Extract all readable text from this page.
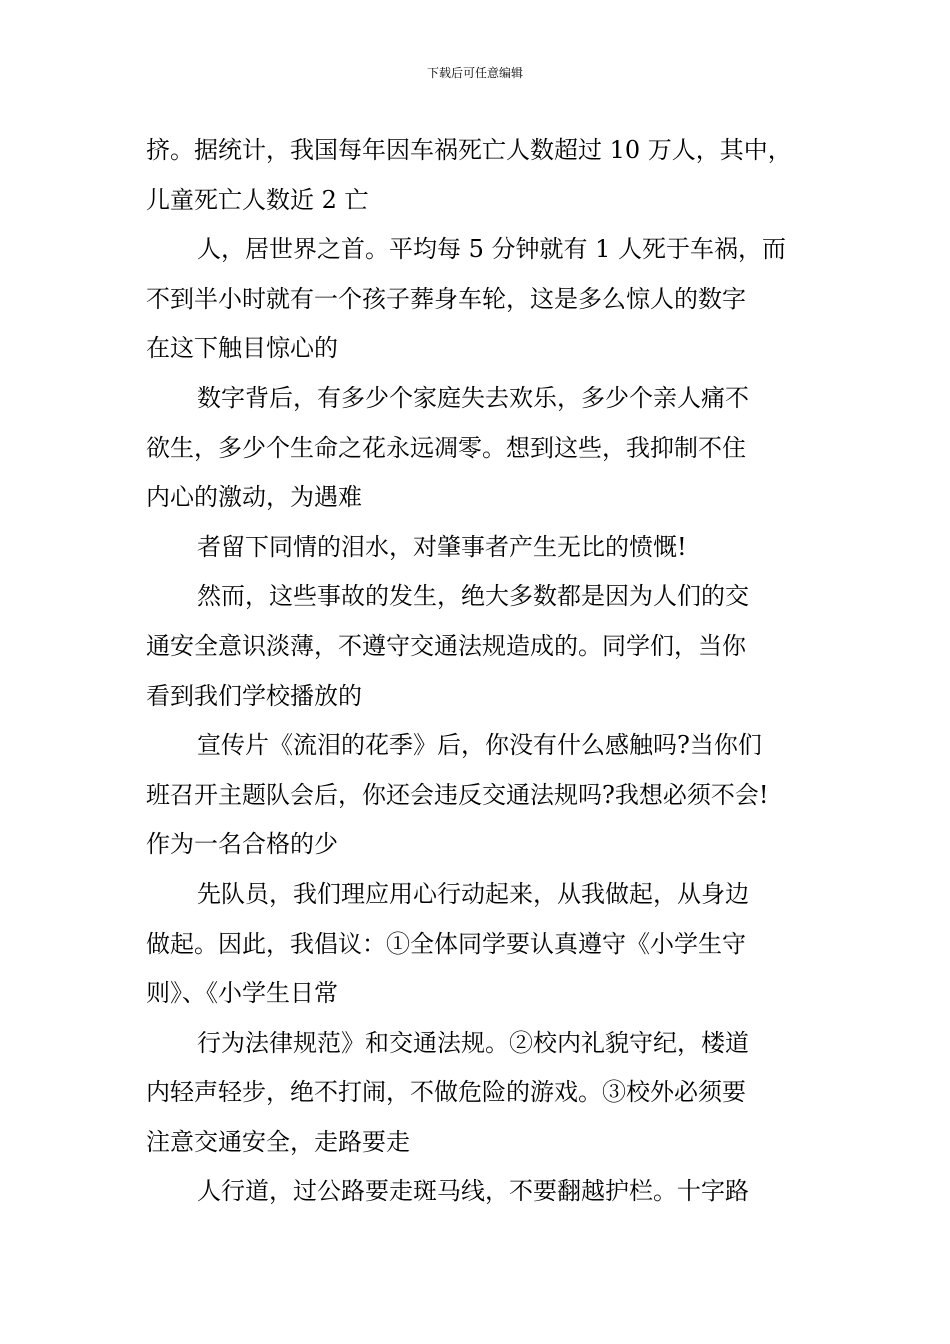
下载后可任意编辑
挤。据统计，我国每年因车祸死亡人数超过 10 万人，其中，
儿童死亡人数近 2 亡
人，居世界之首。平均每 5 分钟就有 1 人死于车祸，而
不到半小时就有一个孩子葬身车轮，这是多么惊人的数字
在这下触目惊心的
数字背后，有多少个家庭失去欢乐，多少个亲人痛不
欲生，多少个生命之花永远凋零。想到这些，我抑制不住
内心的激动，为遇难
者留下同情的泪水，对肇事者产生无比的愤慨!
然而，这些事故的发生，绝大多数都是因为人们的交
通安全意识淡薄，不遵守交通法规造成的。同学们，当你
看到我们学校播放的
宣传片《流泪的花季》后，你没有什么感触吗?当你们
班召开主题队会后，你还会违反交通法规吗?我想必须不会!
作为一名合格的少
先队员，我们理应用心行动起来，从我做起，从身边
做起。因此，我倡议：①全体同学要认真遵守《小学生守
则》、《小学生日常
行为法律规范》和交通法规。②校内礼貌守纪，楼道
内轻声轻步，绝不打闹，不做危险的游戏。③校外必须要
注意交通安全，走路要走
人行道，过公路要走斑马线，不要翻越护栏。十字路
